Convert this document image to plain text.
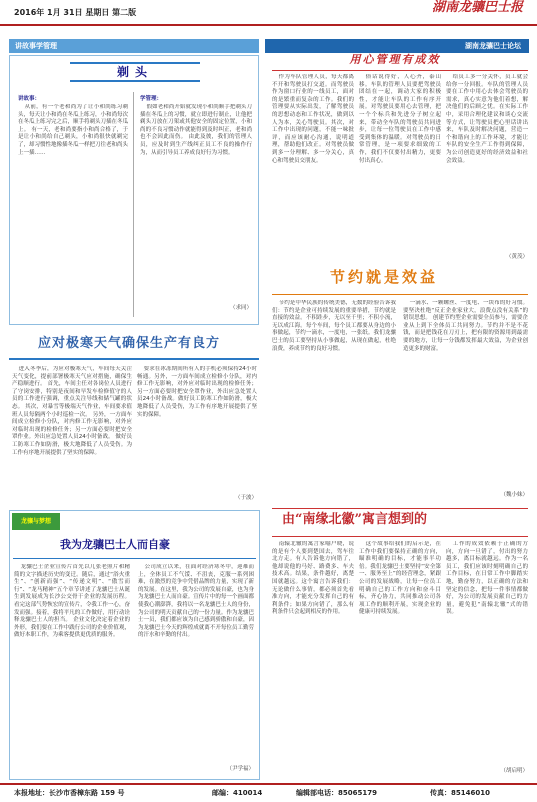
2016年 1月 31日 星期日 第二版	湖南龙骧巴士报
讲故事学管理	湖南龙骧巴士论坛
剃头
讲故事：

从前，有一个老和尚为了让小和尚练习剃头，每天让小和尚在冬瓜上练习，小和尚每次在冬瓜上练习完之后，顺手将剃头刀插在冬瓜上。 有一天，老和尚要指小和尚合格了，于是让小和尚给自己剃头，小和尚很快就剃完了，却习惯性地像插冬瓜一样把刀往老和尚头上一插……

学管理：

假如老和尚开始就发现小和尚顺手把剃头刀插在冬瓜上的习惯，就立即进行制止，让他把剃头刀放在刀架或其他安全的固定位置，小和尚的不良习惯动作就能得到及时纠正，老和尚也不会因此而伤。 由此及彼，我们的管理人员，应及时到生产线纠正员工不良的操作行为，从而引导员工养成良好行为习惯。

（求同）
应对极寒天气确保生产有良方

进入冬季后，为应对极寒天气，车间每天关注天气变化，提前部署极寒天气应对措施，确保生产稳顺进行。 首先，车间主任对各岗位人员进行了守岗安排，特别是夜间和早发车检修值守的人员的工作进行强调，重点关注导线和储气罐的状态。 其次，对暴雪等极端天气作业，车间要求值班人员每隔两个小时巡检一次。 另外，一方面车间成立检修小分队，对内修工作无影响，对外应对临时出现的检修任务；另一方面必要时把安全罩作业。外出应急处置人员24小时备战。 做好员工防寒工作如防滑，极大地降低了人员受伤。为工作有序地开展提供了坚实的保障。

要求在冰冻期间所有人的手机必须保持24小时畅通。另外，一方面车间成立检修小分队，对内修工作无影响，对外应对临时出现的检修任务；另一方面必要时把安全罩作业，外出应急处置人员24小时备战。做好员工防寒工作如防滑，极大地降低了人员受伤，为工作有序地开展提供了坚实的保障。

（于波）
龙骧与梦想
我为龙骧巴士人而自豪

龙骧巴士企业宣传片首先以几张老照片和精简的文字描述历史的变迁。随后，通过“浴火重生”、“创新而强”、“传递文明”、“傲雪而行”、“龙马精神”五个章节讲述了龙骧巴士从诞生到发展成为长沙公交骨干企业的发展历程。 看完这部气势恢宏的宣传片，令我工作一心，奋发而强。接着，我将平凡的工作做好，用行动诠释龙骧巴士人的担当。 企业文化决定着企业的外形，我们要在工作中践行公司的企业价值观，做好本职工作，为乘客提供更优质的服务。

公司成立以来，在面对经济寒冬中，迎难而上，全体员工不气馁、不沮丧，克服一系列困难，在激烈的竞争中凭借品牌的力量，实现了新的发展。在这里，我为公司的发展自豪，也为身为龙骧巴士人而自豪。宣传片中的每一个画面都使我心潮澎湃，我将以一名龙骧巴士人的身份，为公司的明天贡献自己的一份力量。作为龙骧巴士一员，我们都应该为自己感到骄傲和自豪，因为龙骧巴士今天的辉煌成就离不开每位员工勤劳的汗水和辛勤的付出。

（尹学福）
用心管理有成效

作为车队管理人员，每天都离不开和驾驶员打交道。而驾驶员作为窗口行业的一线员工，面对的是繁重而复杂的工作。我们的管理要从实际出发，了解驾驶员的思想动态和工作状况，做到以人为本，关心驾驶员。其次，对工作中出现的问题，不能一味批评，而应该耐心沟通，说明道理，帮助他们改正。对驾驶员做到多一分理解、多一分关心，真心和驾驶员交朋友。

俗话说得好，人心齐，泰山移。车队的管理人员要把驾驶员团结在一起，调动大家的积极性，才能让车队的工作有序开展。对驾驶员要用心去管理，把一个个标兵和先进分子树立起来，带动全车队的驾驶员共同进步，让每一位驾驶员在工作中感受到集体的温暖。对驾驶员的日常管理，是一项要求细致的工作，我们不仅要付出精力，更要付出真心。

给员工多一分关怀，员工就会给你一分回报。车队的管理人员要在工作中用心去体会驾驶员的需求，真心实意为他们着想，解决他们的后顾之忧。在实际工作中，采用合理化建议和谈心交流等方式，让驾驶员把心里话讲出来，车队及时解决问题，营造一个和谐向上的工作环境，才能让车队的安全生产工作得到保障，为公司创造更好的经济效益和社会效益。

（黄茂）
节约就是效益

节约是中华民族的传统美德，无数的经验告诉我们：节约是企业可持续发展的重要举措，节约就是直接的效益。不积跬步，无以至千里；不积小流，无以成江海。每个车间，每个员工都要从身边的小事做起，节约一滴水，一度电，一张纸。我们龙骧巴士的员工要坚持从小事做起，从现在做起，杜绝浪费，养成节约的良好习惯。

一滴水、一颗螺丝、一度电、一块布的好习惯。要坚决杜绝“反正企业家业大，浪费点没有关系”的错误思想。 创建节约型企业需要全员参与，需要企业从上到下全体员工共同努力。节约并不是不花钱，而是把钱花在刀刃上，把有限的资源用到最需要的地方，让每一分钱都发挥最大效益，为企业创造更多的财富。

（魏小妹）
由“南缘北徽”寓言想到的

南辕北辙的寓言家喻户晓，说的是有个人要到楚国去，驾车往北方走。有人告诉他方向错了，他却说他的马好、路费多、车夫技术高。结果，条件越好，离楚国就越远。这个寓言告诉我们：无论做什么事情，都必须首先看准方向，才能充分发挥自己的有利条件；如果方向错了，那么有利条件只会起到相反的作用。

这个故事给我们的启示是，在工作中我们要保持正确的方向，瞄准明确的目标，才能事半功倍。我们龙骧巴士要坚持“安全第一、服务至上”的经营理念，紧跟公司的发展战略，让每一位员工明确自己的工作方向和奋斗目标，齐心协力，共同推动公司各项工作的顺利开展，实现企业的健康可持续发展。

工作的成效依赖于正确的方向，方向一旦错了，付出的努力越多，离目标就越远。作为一名员工，我们应该时刻明确自己的工作目标，在日常工作中脚踏实地，勤奋努力，以正确的方法和坚定的信念，把每一件事情都做好，为公司的发展贡献自己的力量，避免犯“南辕北辙”式的错误。

（胡启明）
本报地址：长沙市香樟东路 159 号	邮编：410014	编辑部电话：85065179	传真：85146010
